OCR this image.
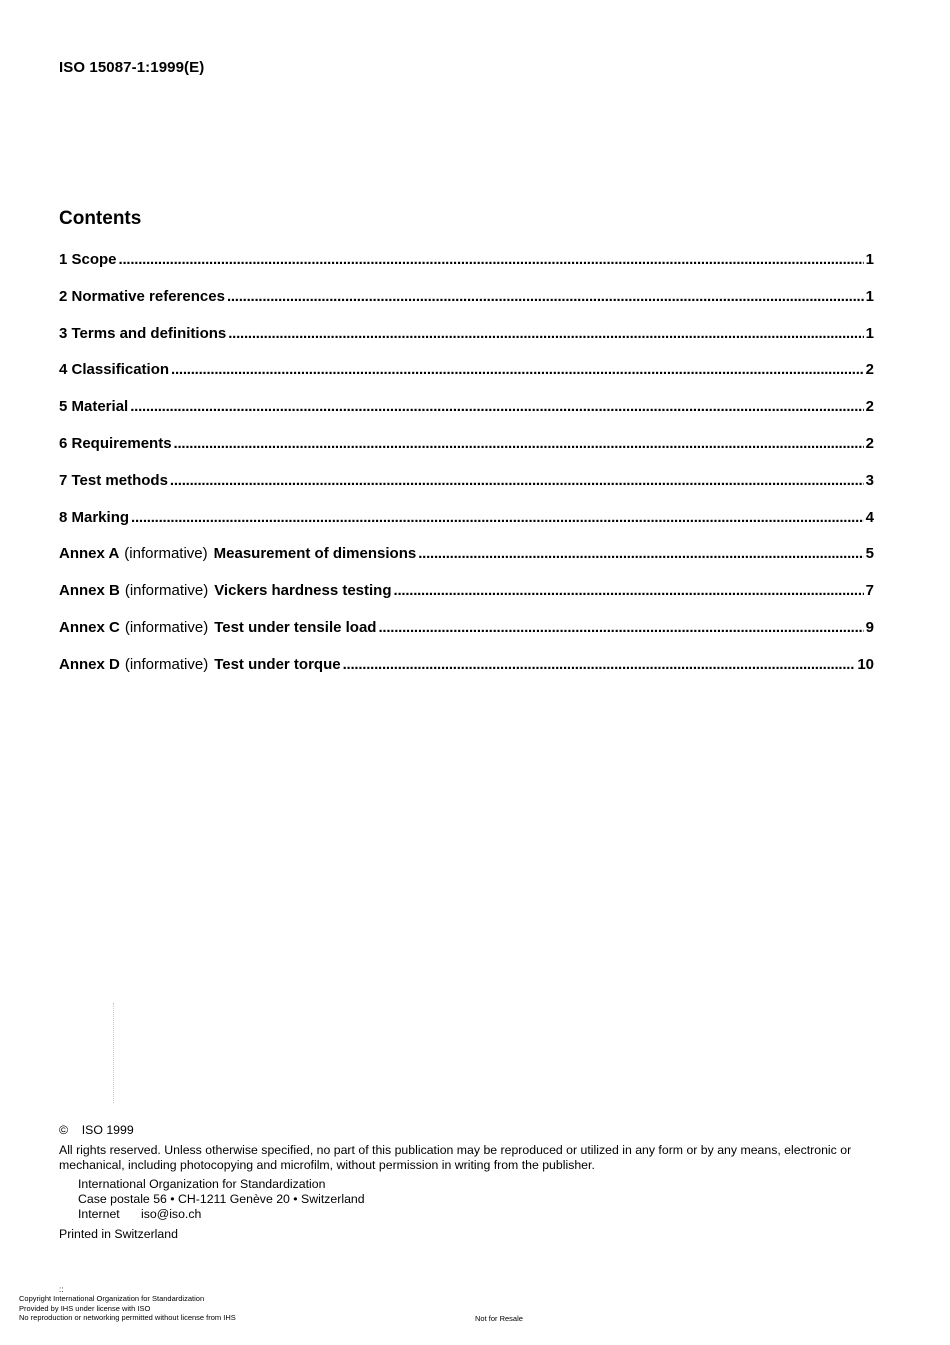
ISO 15087-1:1999(E)
Contents
1 Scope . . .	1
2 Normative references . . .	1
3 Terms and definitions . . .	1
4 Classification . . .	2
5 Material . . .	2
6 Requirements . . .	2
7 Test methods . . .	3
8 Marking . . .	4
Annex A (informative) Measurement of dimensions . . .	5
Annex B (informative) Vickers hardness testing . . .	7
Annex C (informative) Test under tensile load . . .	9
Annex D (informative) Test under torque . . .	10
© ISO 1999
All rights reserved. Unless otherwise specified, no part of this publication may be reproduced or utilized in any form or by any means, electronic or mechanical, including photocopying and microfilm, without permission in writing from the publisher.
International Organization for Standardization
Case postale 56 • CH-1211 Genève 20 • Switzerland
Internet iso@iso.ch
Printed in Switzerland
::
Copyright International Organization for Standardization
Provided by IHS under license with ISO
No reproduction or networking permitted without license from IHS	Not for Resale
